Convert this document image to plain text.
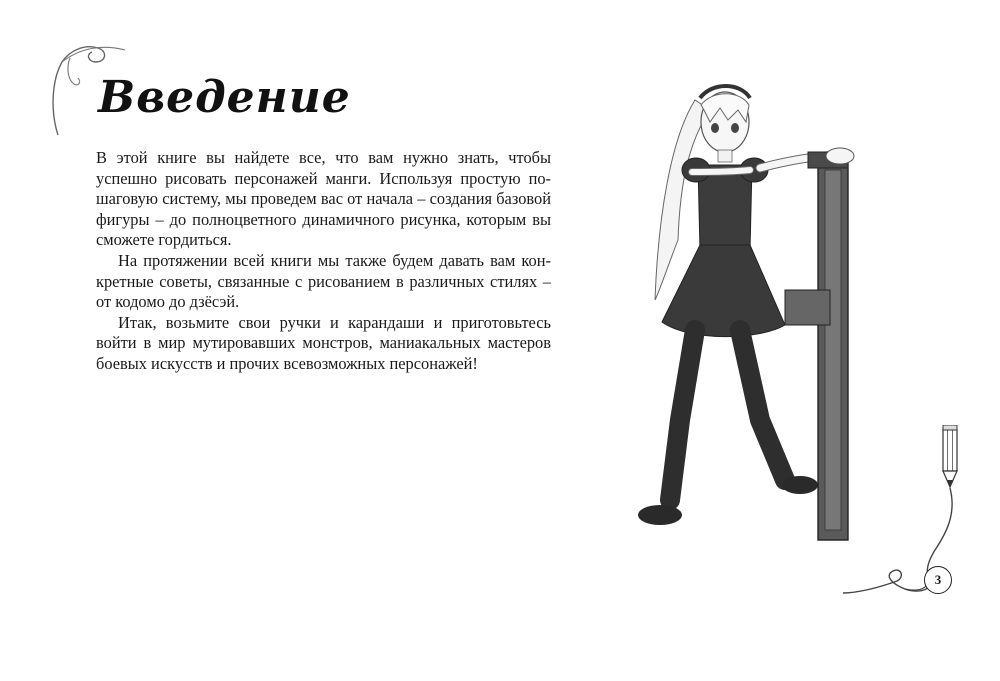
Введение

В этой книге вы найдете все, что вам нужно знать, чтобы успешно рисовать персонажей манги. Используя простую пошаговую систему, мы проведем вас от начала – создания базовой фигуры – до полноцветного динамичного рисунка, которым вы сможете гордиться.

На протяжении всей книги мы также будем давать вам конкретные советы, связанные с рисованием в различных стилях – от кодомо до дзёсэй.

Итак, возьмите свои ручки и карандаши и приготовьтесь войти в мир мутировавших монстров, маниакальных мастеров боевых искусств и прочих всевозможных персонажей!

3
